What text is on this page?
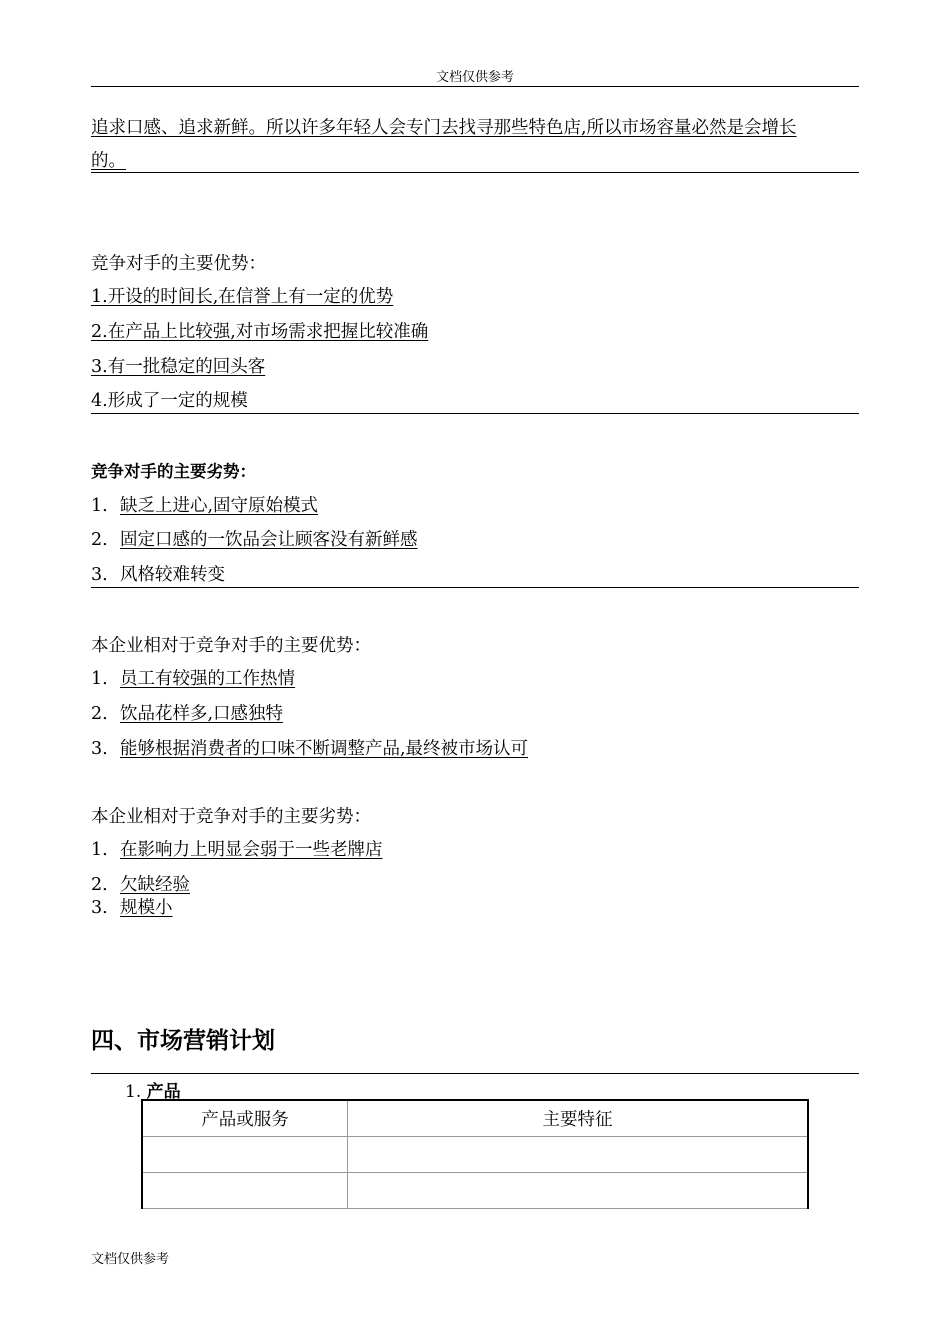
文档仅供参考
追求口感、追求新鲜。所以许多年轻人会专门去找寻那些特色店,所以市场容量必然是会增长
的。
竞争对手的主要优势：
1.开设的时间长,在信誉上有一定的优势
2.在产品上比较强,对市场需求把握比较准确
3.有一批稳定的回头客
4.形成了一定的规模
竞争对手的主要劣势：
1. 缺乏上进心,固守原始模式
2. 固定口感的一饮品会让顾客没有新鲜感
3. 风格较难转变
本企业相对于竞争对手的主要优势：
1. 员工有较强的工作热情
2. 饮品花样多,口感独特
3. 能够根据消费者的口味不断调整产品,最终被市场认可
本企业相对于竞争对手的主要劣势：
1. 在影响力上明显会弱于一些老牌店
2. 欠缺经验
3. 规模小
四、市场营销计划
1. 产品
产品或服务	主要特征

文档仅供参考
